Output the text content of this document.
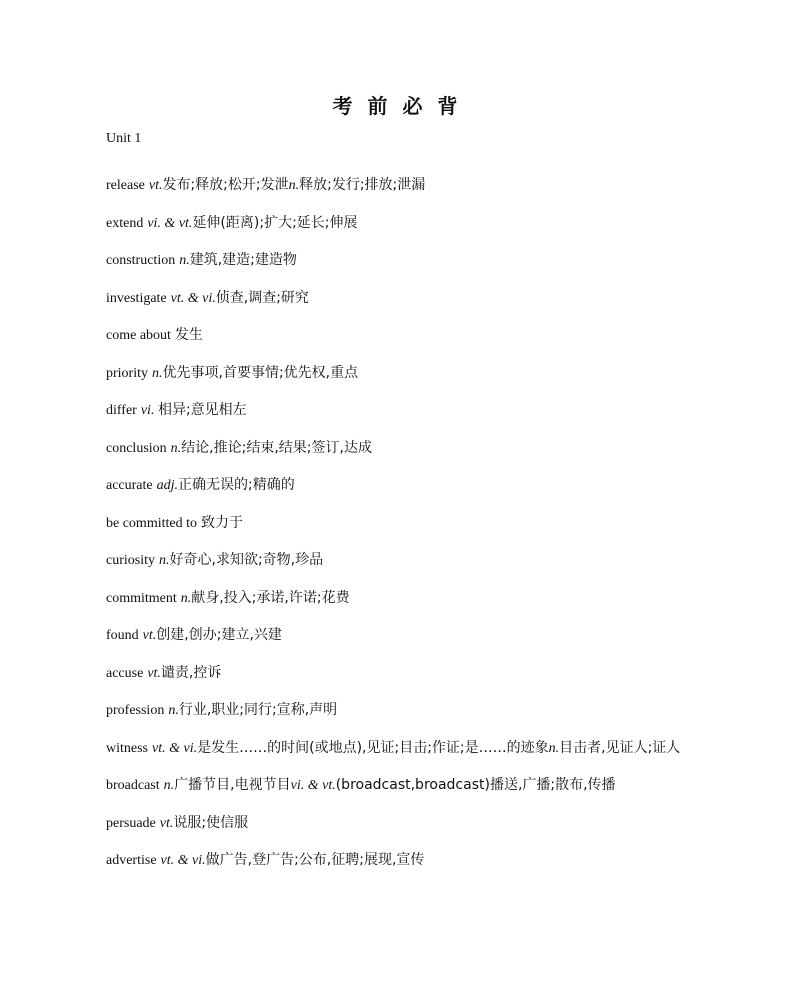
考 前 必 背
Unit 1
release vt.发布;释放;松开;发泄n.释放;发行;排放;泄漏
extend vi. & vt.延伸(距离);扩大;延长;伸展
construction n.建筑,建造;建造物
investigate vt. & vi.侦查,调查;研究
come about 发生
priority n.优先事项,首要事情;优先权,重点
differ vi. 相异;意见相左
conclusion n.结论,推论;结束,结果;签订,达成
accurate adj.正确无误的;精确的
be committed to 致力于
curiosity n.好奇心,求知欲;奇物,珍品
commitment n.献身,投入;承诺,许诺;花费
found vt.创建,创办;建立,兴建
accuse vt.谴责,控诉
profession n.行业,职业;同行;宣称,声明
witness vt. & vi.是发生……的时间(或地点),见证;目击;作证;是……的迹象n.目击者,见证人;证人
broadcast n.广播节目,电视节目vi. & vt.(broadcast,broadcast)播送,广播;散布,传播
persuade vt.说服;使信服
advertise vt. & vi.做广告,登广告;公布,征聘;展现,宣传
